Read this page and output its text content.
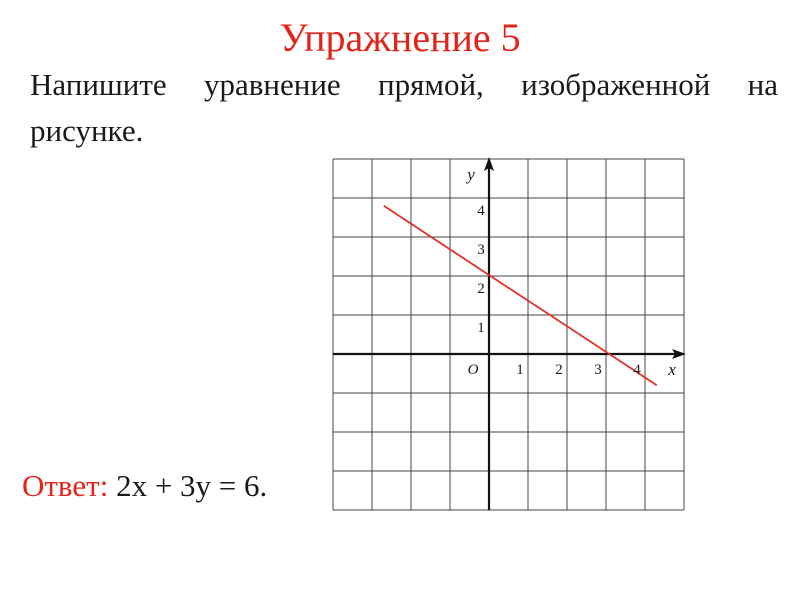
Упражнение 5
Напишите уравнение прямой, изображенной на рисунке.
1 2 3 4
1
2
3
4
O	x
y
Ответ: 2x + 3y = 6.
